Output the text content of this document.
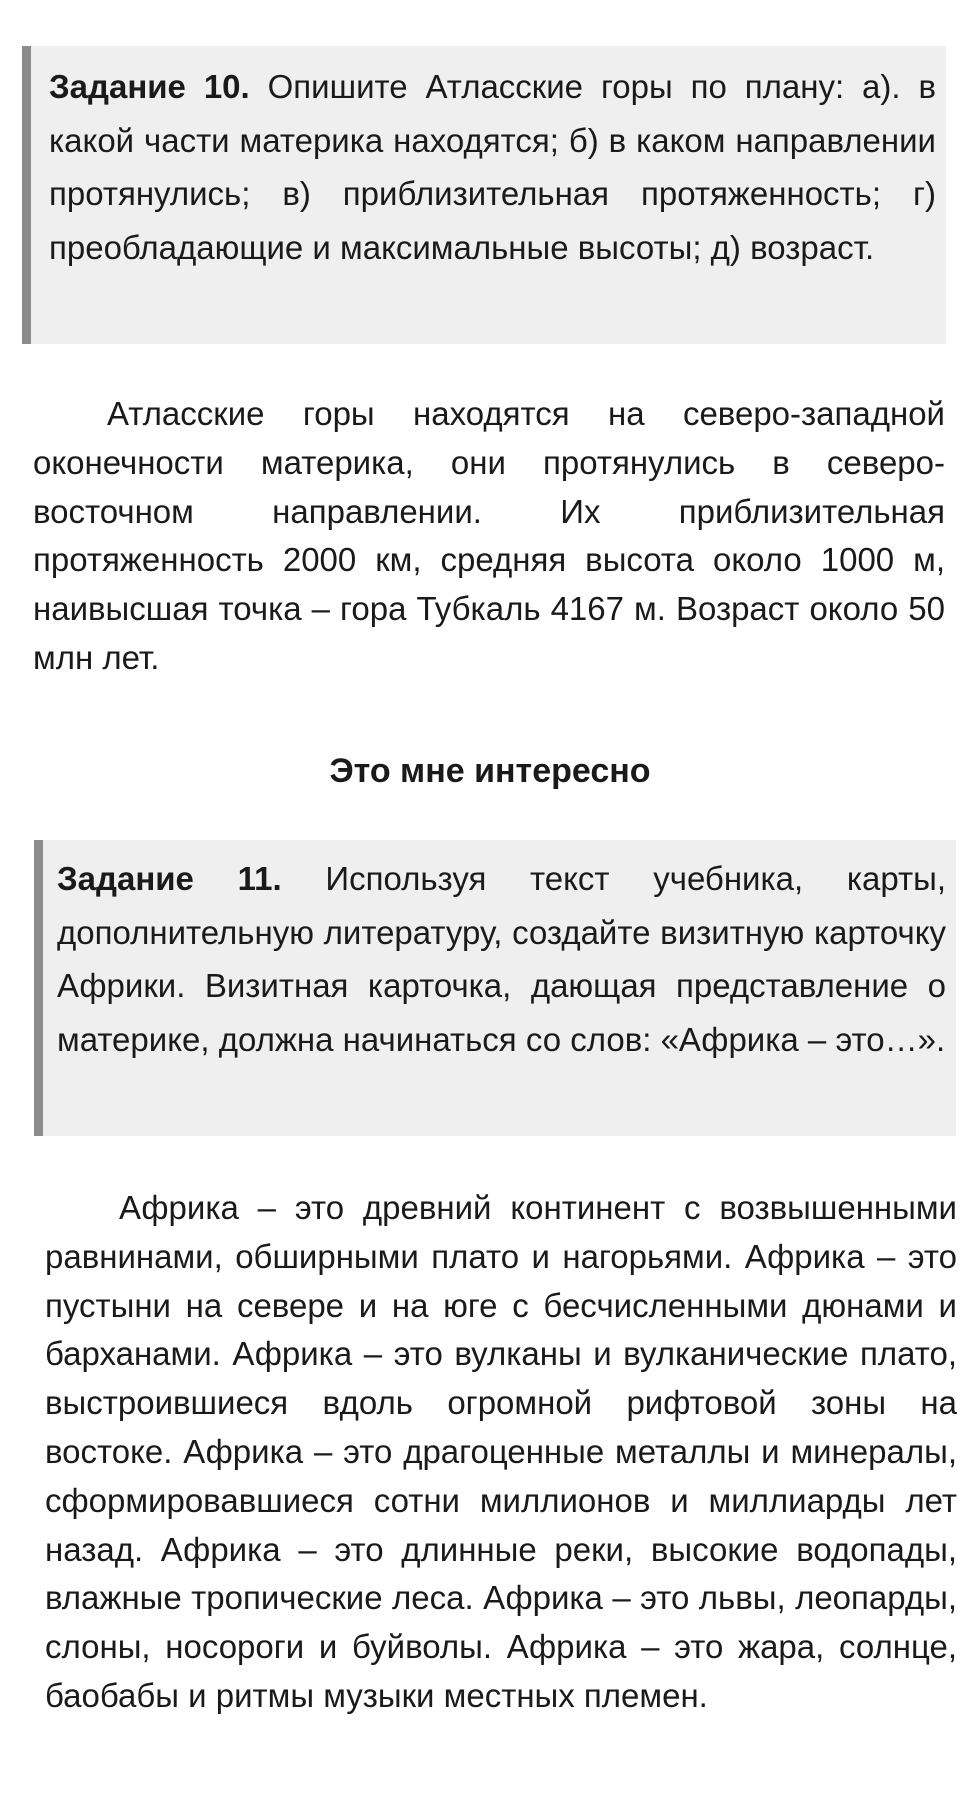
Задание 10. Опишите Атласские горы по плану: а). в какой части материка находятся; б) в каком направлении протянулись; в) приблизительная протяженность; г) преобладающие и максимальные высоты; д) возраст.

Атласские горы находятся на северо-западной оконечности материка, они протянулись в северо-восточном направлении. Их приблизительная протяженность 2000 км, средняя высота около 1000 м, наивысшая точка – гора Тубкаль 4167 м. Возраст около 50 млн лет.

Это мне интересно

Задание 11. Используя текст учебника, карты, дополнительную литературу, создайте визитную карточку Африки. Визитная карточка, дающая представление о материке, должна начинаться со слов: «Африка – это…».

Африка – это древний континент с возвышенными равнинами, обширными плато и нагорьями. Африка – это пустыни на севере и на юге с бесчисленными дюнами и барханами. Африка – это вулканы и вулканические плато, выстроившиеся вдоль огромной рифтовой зоны на востоке. Африка – это драгоценные металлы и минералы, сформировавшиеся сотни миллионов и миллиарды лет назад. Африка – это длинные реки, высокие водопады, влажные тропические леса. Африка – это львы, леопарды, слоны, носороги и буйволы. Африка – это жара, солнце, баобабы и ритмы музыки местных племен.
